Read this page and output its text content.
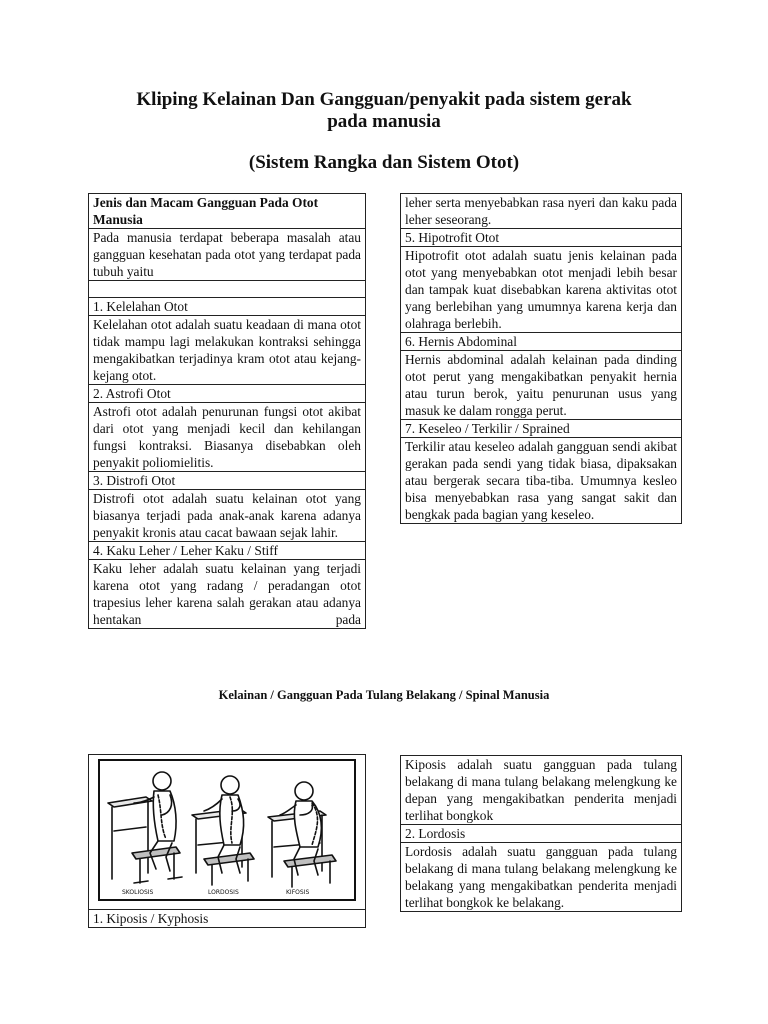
Kliping Kelainan Dan Gangguan/penyakit pada sistem gerak
pada manusia
(Sistem Rangka dan Sistem Otot)
Jenis dan Macam Gangguan Pada Otot Manusia
Pada manusia terdapat beberapa masalah atau gangguan kesehatan pada otot yang terdapat pada tubuh yaitu

1. Kelelahan Otot
Kelelahan otot adalah suatu keadaan di mana otot tidak mampu lagi melakukan kontraksi sehingga mengakibatkan terjadinya kram otot atau kejang-kejang otot.
2. Astrofi Otot
Astrofi otot adalah penurunan fungsi otot akibat dari otot yang menjadi kecil dan kehilangan fungsi kontraksi. Biasanya disebabkan oleh penyakit poliomielitis.
3. Distrofi Otot
Distrofi otot adalah suatu kelainan otot yang biasanya terjadi pada anak-anak karena adanya penyakit kronis atau cacat bawaan sejak lahir.
4. Kaku Leher / Leher Kaku / Stiff
Kaku leher adalah suatu kelainan yang terjadi karena otot yang radang / peradangan otot trapesius leher karena salah gerakan atau adanya hentakan pada
leher serta menyebabkan rasa nyeri dan kaku pada leher seseorang.
5. Hipotrofit Otot
Hipotrofit otot adalah suatu jenis kelainan pada otot yang menyebabkan otot menjadi lebih besar dan tampak kuat disebabkan karena aktivitas otot yang berlebihan yang umumnya karena kerja dan olahraga berlebih.
6. Hernis Abdominal
Hernis abdominal adalah kelainan pada dinding otot perut yang mengakibatkan penyakit hernia atau turun berok, yaitu penurunan usus yang masuk ke dalam rongga perut.
7. Keseleo / Terkilir / Sprained
Terkilir atau keseleo adalah gangguan sendi akibat gerakan pada sendi yang tidak biasa, dipaksakan atau bergerak secara tiba-tiba. Umumnya kesleo bisa menyebabkan rasa yang sangat sakit dan bengkak pada bagian yang keseleo.

Kelainan / Gangguan Pada Tulang Belakang / Spinal Manusia

SKOLIOSIS	LORDOSIS	KIFOSIS

1. Kiposis / Kyphosis
Kiposis adalah suatu gangguan pada tulang belakang di mana tulang belakang melengkung ke depan yang mengakibatkan penderita menjadi terlihat bongkok
2. Lordosis
Lordosis adalah suatu gangguan pada tulang belakang di mana tulang belakang melengkung ke belakang yang mengakibatkan penderita menjadi terlihat bongkok ke belakang.
